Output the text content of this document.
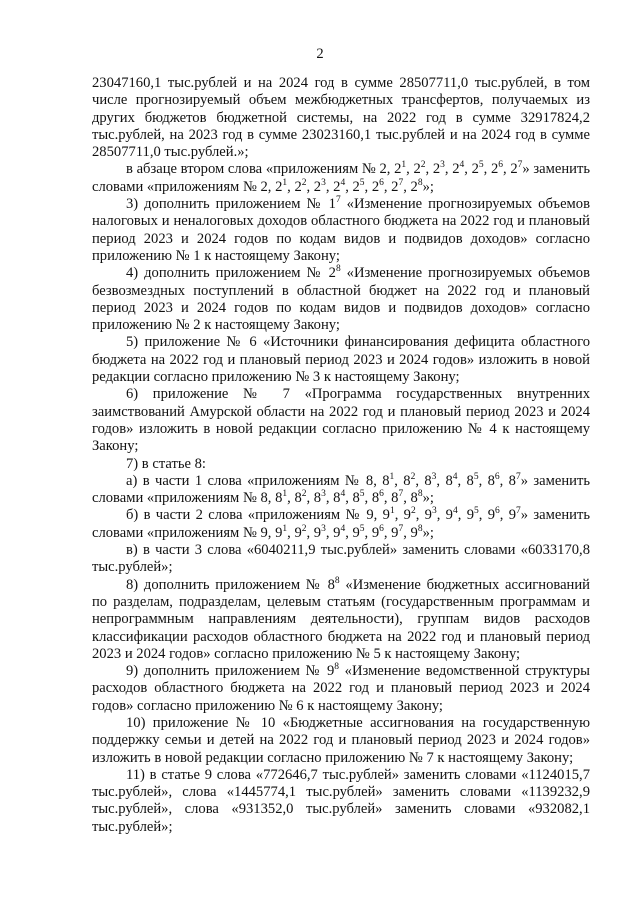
2

23047160,1 тыс.рублей и на 2024 год в сумме 28507711,0 тыс.рублей, в том числе прогнозируемый объем межбюджетных трансфертов, получаемых из других бюджетов бюджетной системы, на 2022 год в сумме 32917824,2 тыс.рублей, на 2023 год в сумме 23023160,1 тыс.рублей и на 2024 год в сумме 28507711,0 тыс.рублей.»;

в абзаце втором слова «приложениям № 2, $2^1$, $2^2$, $2^3$, $2^4$, $2^5$, $2^6$, $2^7$» заменить словами «приложениям № 2, $2^1$, $2^2$, $2^3$, $2^4$, $2^5$, $2^6$, $2^7$, $2^8$»;

3) дополнить приложением № $1^7$ «Изменение прогнозируемых объемов налоговых и неналоговых доходов областного бюджета на 2022 год и плановый период 2023 и 2024 годов по кодам видов и подвидов доходов» согласно приложению № 1 к настоящему Закону;

4) дополнить приложением № $2^8$ «Изменение прогнозируемых объемов безвозмездных поступлений в областной бюджет на 2022 год и плановый период 2023 и 2024 годов по кодам видов и подвидов доходов» согласно приложению № 2 к настоящему Закону;

5) приложение № 6 «Источники финансирования дефицита областного бюджета на 2022 год и плановый период 2023 и 2024 годов» изложить в новой редакции согласно приложению № 3 к настоящему Закону;

6) приложение № 7 «Программа государственных внутренних заимствований Амурской области на 2022 год и плановый период 2023 и 2024 годов» изложить в новой редакции согласно приложению № 4 к настоящему Закону;

7) в статье 8:

а) в части 1 слова «приложениям № 8, $8^1$, $8^2$, $8^3$, $8^4$, $8^5$, $8^6$, $8^7$» заменить словами «приложениям № 8, $8^1$, $8^2$, $8^3$, $8^4$, $8^5$, $8^6$, $8^7$, $8^8$»;

б) в части 2 слова «приложениям № 9, $9^1$, $9^2$, $9^3$, $9^4$, $9^5$, $9^6$, $9^7$» заменить словами «приложениям № 9, $9^1$, $9^2$, $9^3$, $9^4$, $9^5$, $9^6$, $9^7$, $9^8$»;

в) в части 3 слова «6040211,9 тыс.рублей» заменить словами «6033170,8 тыс.рублей»;

8) дополнить приложением № $8^8$ «Изменение бюджетных ассигнований по разделам, подразделам, целевым статьям (государственным программам и непрограммным направлениям деятельности), группам видов расходов классификации расходов областного бюджета на 2022 год и плановый период 2023 и 2024 годов» согласно приложению № 5 к настоящему Закону;

9) дополнить приложением № $9^8$ «Изменение ведомственной структуры расходов областного бюджета на 2022 год и плановый период 2023 и 2024 годов» согласно приложению № 6 к настоящему Закону;

10) приложение № 10 «Бюджетные ассигнования на государственную поддержку семьи и детей на 2022 год и плановый период 2023 и 2024 годов» изложить в новой редакции согласно приложению № 7 к настоящему Закону;

11) в статье 9 слова «772646,7 тыс.рублей» заменить словами «1124015,7 тыс.рублей», слова «1445774,1 тыс.рублей» заменить словами «1139232,9 тыс.рублей», слова «931352,0 тыс.рублей» заменить словами «932082,1 тыс.рублей»;
